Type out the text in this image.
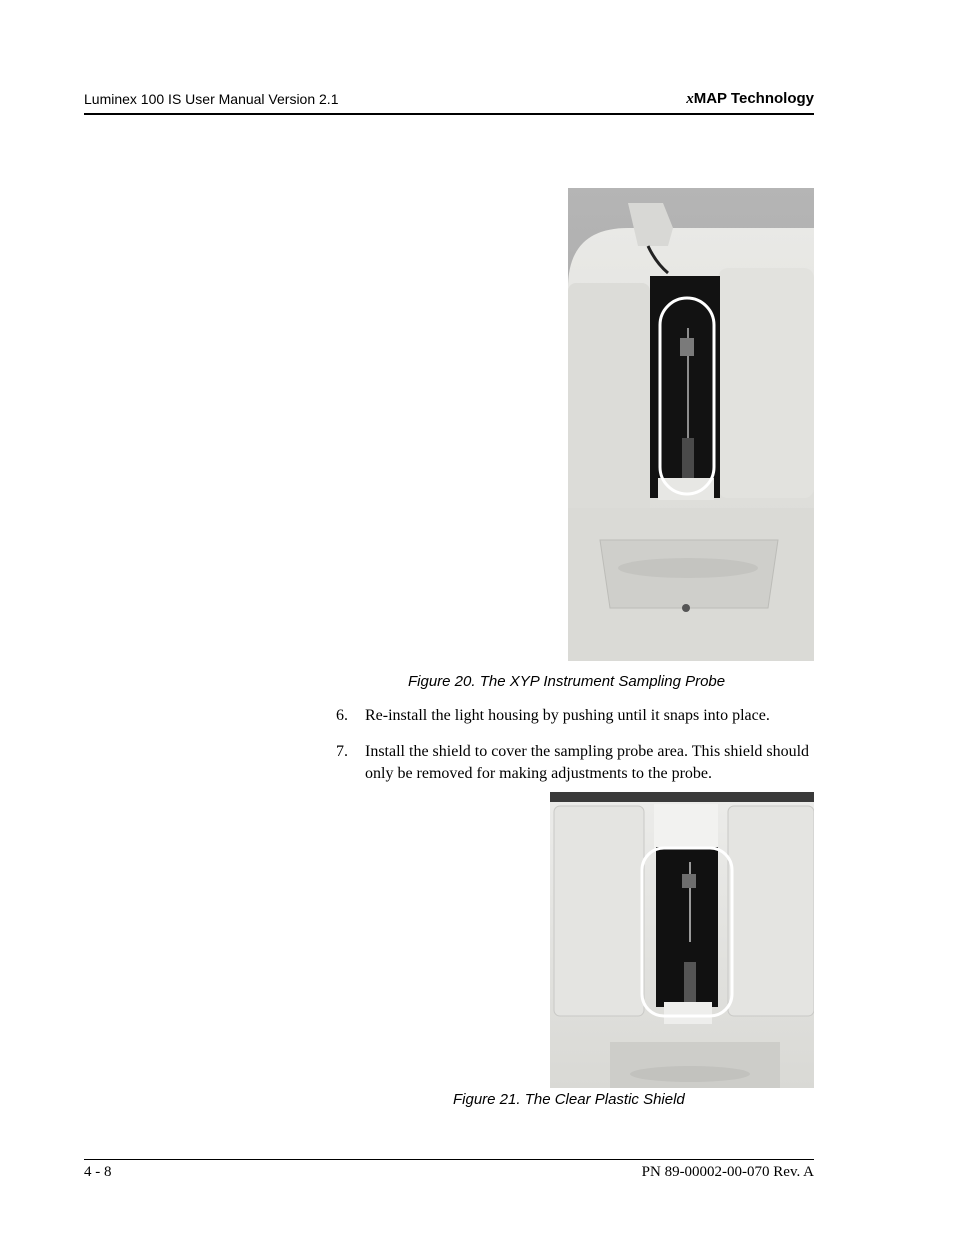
Luminex 100 IS User Manual Version 2.1	xMAP Technology
Figure 20. The XYP Instrument Sampling Probe
6. Re-install the light housing by pushing until it snaps into place.
7. Install the shield to cover the sampling probe area. This shield should only be removed for making adjustments to the probe.
Figure 21. The Clear Plastic Shield
4 - 8	PN 89-00002-00-070 Rev. A
